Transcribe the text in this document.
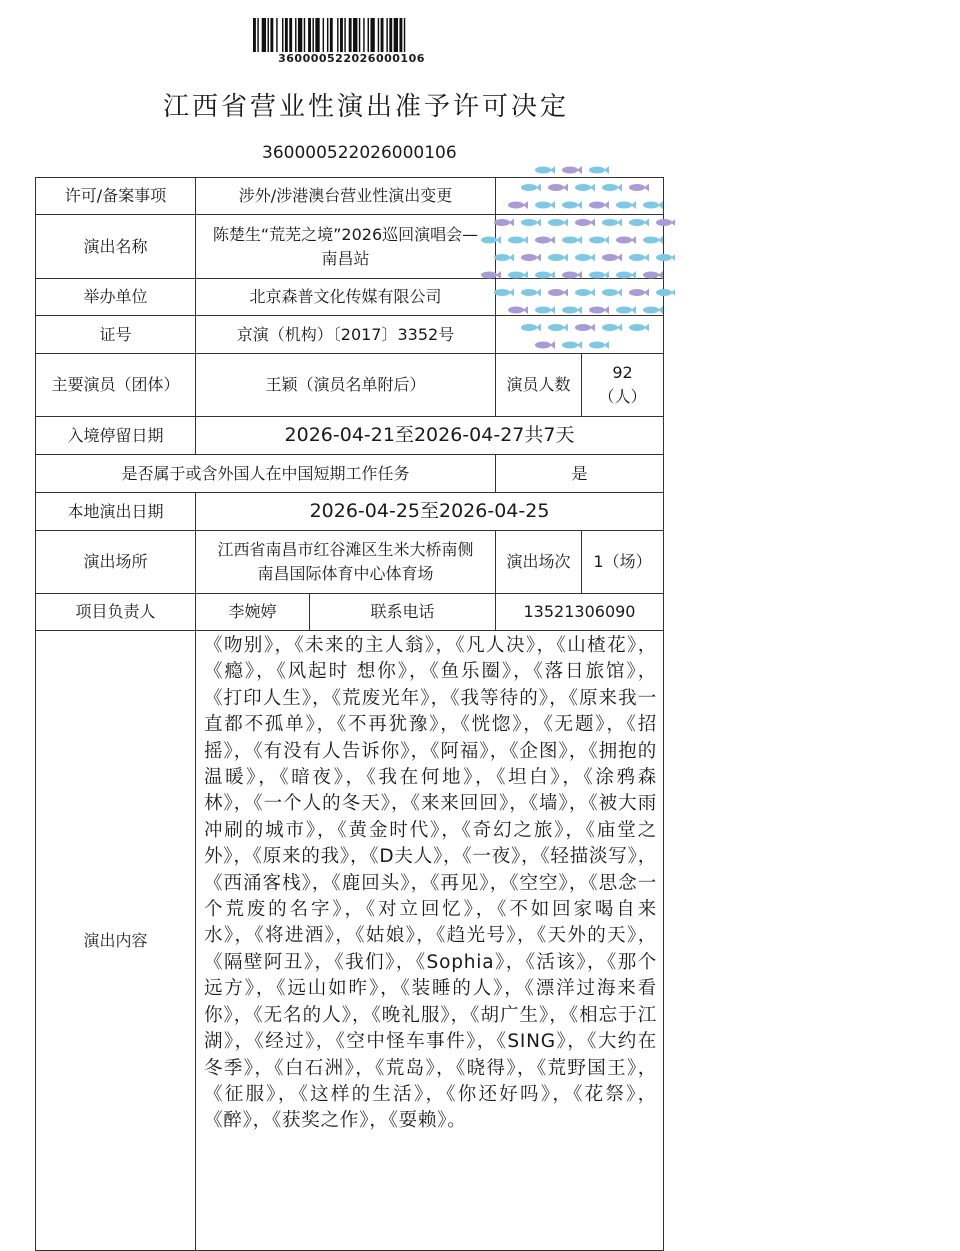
360000522026000106
江西省营业性演出准予许可决定
360000522026000106
许可/备案事项	涉外/涉港澳台营业性演出变更			
演出名称	陈楚生“荒芜之境”2026巡回演唱会—
南昌站			
举办单位	北京森普文化传媒有限公司			
证号	京演（机构）〔2017〕3352号			
主要演员（团体）	王颖（演员名单附后）		演员人数	92
（人）
入境停留日期	2026-04-21至2026-04-27共7天			
是否属于或含外国人在中国短期工作任务			是	
本地演出日期	2026-04-25至2026-04-25			
演出场所	江西省南昌市红谷滩区生米大桥南侧
南昌国际体育中心体育场		演出场次	1（场）
项目负责人	李婉婷	联系电话	13521306090	
演出内容	《吻别》，《未来的主人翁》，《凡人决》，《山楂花》，《瘾》，《风起时 想你》，《鱼乐圈》，《落日旅馆》，《打印人生》，《荒废光年》，《我等待的》，《原来我一直都不孤单》，《不再犹豫》，《恍惚》，《无题》，《招摇》，《有没有人告诉你》，《阿福》，《企图》，《拥抱的温暖》，《暗夜》，《我在何地》，《坦白》，《涂鸦森林》，《一个人的冬天》，《来来回回》，《墙》，《被大雨冲刷的城市》，《黄金时代》，《奇幻之旅》，《庙堂之外》，《原来的我》，《D夫人》，《一夜》，《轻描淡写》，《西涌客栈》，《鹿回头》，《再见》，《空空》，《思念一个荒废的名字》，《对立回忆》，《不如回家喝自来水》，《将进酒》，《姑娘》，《趋光号》，《天外的天》，《隔壁阿丑》，《我们》，《Sophia》，《活该》，《那个远方》，《远山如昨》，《装睡的人》，《漂洋过海来看你》，《无名的人》，《晚礼服》，《胡广生》，《相忘于江湖》，《经过》，《空中怪车事件》，《SING》，《大约在冬季》，《白石洲》，《荒岛》，《晓得》，《荒野国王》，《征服》，《这样的生活》，《你还好吗》，《花祭》，《醉》，《获奖之作》，《耍赖》。			
